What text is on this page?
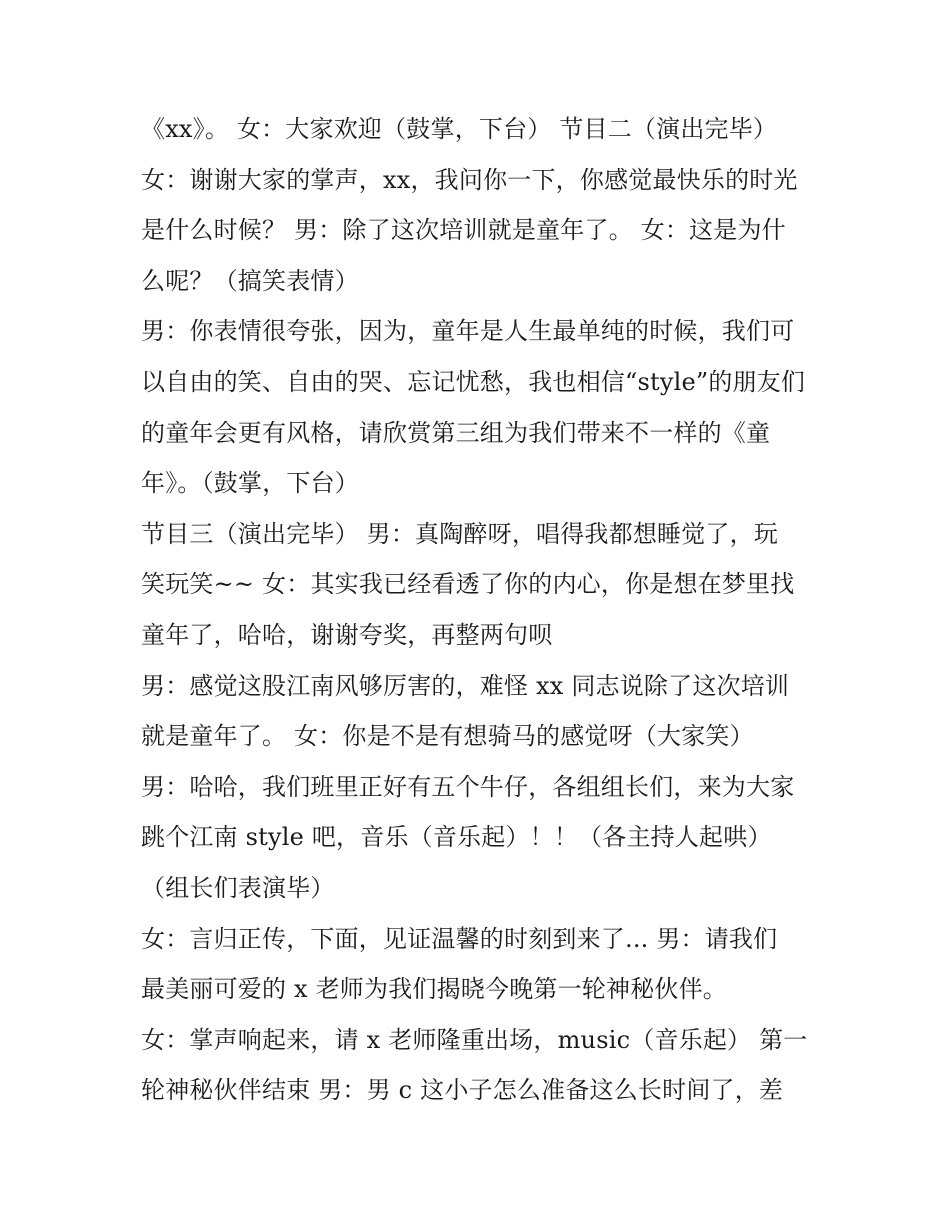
《xx》。 女：大家欢迎（鼓掌，下台） 节目二（演出完毕）
女：谢谢大家的掌声，xx，我问你一下，你感觉最快乐的时光
是什么时候？ 男：除了这次培训就是童年了。 女：这是为什
么呢？（搞笑表情）
男：你表情很夸张，因为，童年是人生最单纯的时候，我们可
以自由的笑、自由的哭、忘记忧愁，我也相信“style”的朋友们
的童年会更有风格，请欣赏第三组为我们带来不一样的《童
年》。（鼓掌，下台）
节目三（演出完毕） 男：真陶醉呀，唱得我都想睡觉了，玩
笑玩笑~~ 女：其实我已经看透了你的内心，你是想在梦里找
童年了，哈哈，谢谢夸奖，再整两句呗
男：感觉这股江南风够厉害的，难怪 xx 同志说除了这次培训
就是童年了。 女：你是不是有想骑马的感觉呀（大家笑）
男：哈哈，我们班里正好有五个牛仔，各组组长们，来为大家
跳个江南 style 吧，音乐（音乐起）！！（各主持人起哄）
（组长们表演毕）
女：言归正传，下面，见证温馨的时刻到来了... 男：请我们
最美丽可爱的 x 老师为我们揭晓今晚第一轮神秘伙伴。
女：掌声响起来，请 x 老师隆重出场，music（音乐起） 第一
轮神秘伙伴结束 男：男 c 这小子怎么准备这么长时间了，差
